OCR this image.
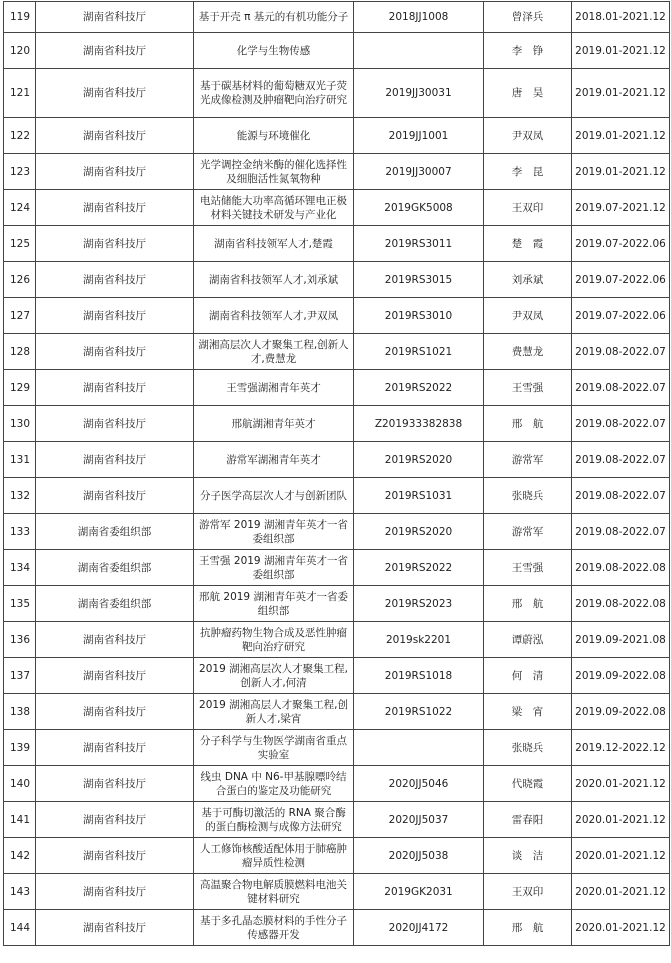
119	湖南省科技厅	基于开壳 π 基元的有机功能分子	2018JJ1008	曾泽兵	2018.01-2021.12
120	湖南省科技厅	化学与生物传感		李　铮	2019.01-2021.12
121	湖南省科技厅	基于碳基材料的葡萄糖双光子荧光成像检测及肿瘤靶向治疗研究	2019JJ30031	唐　昊	2019.01-2021.12
122	湖南省科技厅	能源与环境催化	2019JJ1001	尹双凤	2019.01-2021.12
123	湖南省科技厅	光学调控金纳米酶的催化选择性及细胞活性氮氧物种	2019JJ30007	李　昆	2019.01-2021.12
124	湖南省科技厅	电站储能大功率高循环锂电正极材料关键技术研发与产业化	2019GK5008	王双印	2019.07-2021.12
125	湖南省科技厅	湖南省科技领军人才,楚霞	2019RS3011	楚　霞	2019.07-2022.06
126	湖南省科技厅	湖南省科技领军人才,刘承斌	2019RS3015	刘承斌	2019.07-2022.06
127	湖南省科技厅	湖南省科技领军人才,尹双凤	2019RS3010	尹双凤	2019.07-2022.06
128	湖南省科技厅	湖湘高层次人才聚集工程,创新人才,费慧龙	2019RS1021	费慧龙	2019.08-2022.07
129	湖南省科技厅	王雪强湖湘青年英才	2019RS2022	王雪强	2019.08-2022.07
130	湖南省科技厅	邢航湖湘青年英才	Z201933382838	邢　航	2019.08-2022.07
131	湖南省科技厅	游常军湖湘青年英才	2019RS2020	游常军	2019.08-2022.07
132	湖南省科技厅	分子医学高层次人才与创新团队	2019RS1031	张晓兵	2019.08-2022.07
133	湖南省委组织部	游常军 2019 湖湘青年英才一省委组织部	2019RS2020	游常军	2019.08-2022.07
134	湖南省委组织部	王雪强 2019 湖湘青年英才一省委组织部	2019RS2022	王雪强	2019.08-2022.08
135	湖南省委组织部	邢航 2019 湖湘青年英才一省委组织部	2019RS2023	邢　航	2019.08-2022.08
136	湖南省科技厅	抗肿瘤药物生物合成及恶性肿瘤靶向治疗研究	2019sk2201	谭蔚泓	2019.09-2021.08
137	湖南省科技厅	2019 湖湘高层次人才聚集工程,创新人才,何清	2019RS1018	何　清	2019.09-2022.08
138	湖南省科技厅	2019 湖湘高层人才聚集工程,创新人才,梁宵	2019RS1022	梁　宵	2019.09-2022.08
139	湖南省科技厅	分子科学与生物医学湖南省重点实验室		张晓兵	2019.12-2022.12
140	湖南省科技厅	线虫 DNA 中 N6-甲基腺嘌呤结合蛋白的鉴定及功能研究	2020JJ5046	代晓霞	2020.01-2021.12
141	湖南省科技厅	基于可酶切激活的 RNA 聚合酶的蛋白酶检测与成像方法研究	2020JJ5037	雷春阳	2020.01-2021.12
142	湖南省科技厅	人工修饰核酸适配体用于肺癌肿瘤异质性检测	2020JJ5038	谈　洁	2020.01-2021.12
143	湖南省科技厅	高温聚合物电解质膜燃料电池关键材料研究	2019GK2031	王双印	2020.01-2021.12
144	湖南省科技厅	基于多孔晶态膜材料的手性分子传感器开发	2020JJ4172	邢　航	2020.01-2021.12
